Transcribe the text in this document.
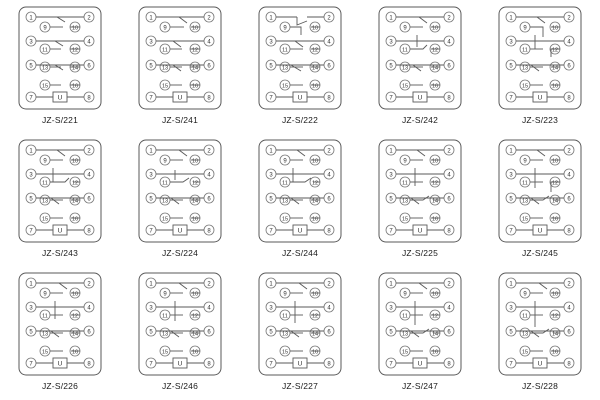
1
3
5
7
2
4
6
8
9
11
13
15
10
12
14
16
U
JZ-S/221
1
3
5
7
2
4
6
8
9
11
13
15
10
12
14
16
U
JZ-S/241
1
3
5
7
2
4
6
8
9
11
13
15
10
12
14
16
U
JZ-S/222
1
3
5
7
2
4
6
8
9
11
13
15
10
12
14
16
U
JZ-S/242
1
3
5
7
2
4
6
8
9
11
13
15
10
12
14
16
U
JZ-S/223
1
3
5
7
2
4
6
8
9
11
13
15
10
12
14
16
U
JZ-S/243
1
3
5
7
2
4
6
8
9
11
13
15
10
12
14
16
U
JZ-S/224
1
3
5
7
2
4
6
8
9
11
13
15
10
12
14
16
U
JZ-S/244
1
3
5
7
2
4
6
8
9
11
13
15
10
12
14
16
U
JZ-S/225
1
3
5
7
2
4
6
8
9
11
13
15
10
12
14
16
U
JZ-S/245
1
3
5
7
2
4
6
8
9
11
13
15
10
12
14
16
U
JZ-S/226
1
3
5
7
2
4
6
8
9
11
13
15
10
12
14
16
U
JZ-S/246
1
3
5
7
2
4
6
8
9
11
13
15
10
12
14
16
U
JZ-S/227
1
3
5
7
2
4
6
8
9
11
13
15
10
12
14
16
U
JZ-S/247
1
3
5
7
2
4
6
8
9
11
13
15
10
12
14
16
U
JZ-S/228
